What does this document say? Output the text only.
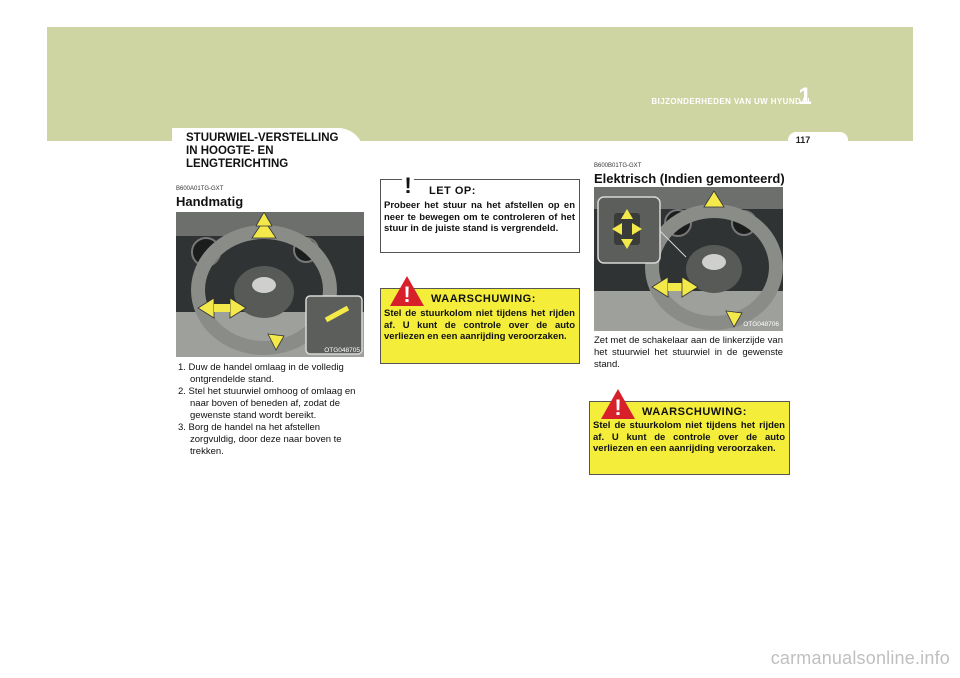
BIJZONDERHEDEN VAN UW HYUNDAI
1
117
STUURWIEL-VERSTELLING
IN HOOGTE- EN
LENGTERICHTING
B600A01TG-GXT
Handmatig
OTG048705
1. Duw de handel omlaag in de volledig ontgrendelde stand.
2. Stel het stuurwiel omhoog of omlaag en naar boven of beneden af, zodat de gewenste stand wordt bereikt.
3. Borg de handel na het afstellen zorgvuldig, door deze naar boven te trekken.
! LET OP:
Probeer het stuur na het afstellen op en neer te bewegen om te controleren of het stuur in de juiste stand is vergrendeld.
! WAARSCHUWING:
Stel de stuurkolom niet tijdens het rijden af. U kunt de controle over de auto verliezen en een aanrijding veroorzaken.
B600B01TG-GXT
Elektrisch (Indien gemonteerd)
OTG048706
Zet met de schakelaar aan de linkerzijde van het stuurwiel het stuurwiel in de gewenste stand.
! WAARSCHUWING:
Stel de stuurkolom niet tijdens het rijden af. U kunt de controle over de auto verliezen en een aanrijding veroorzaken.
carmanualsonline.info
